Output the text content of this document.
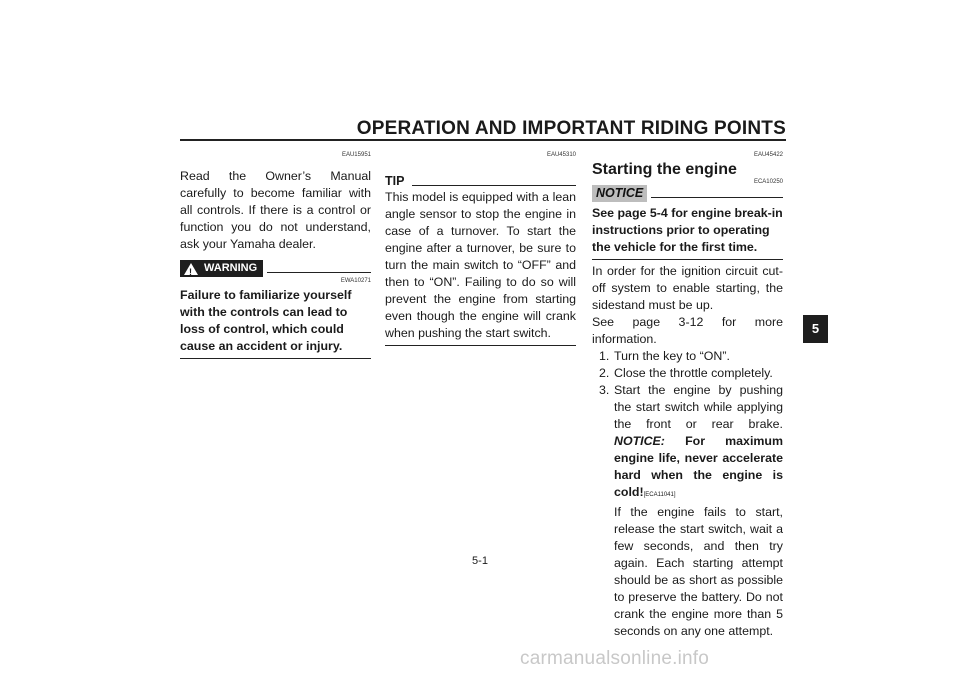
OPERATION AND IMPORTANT RIDING POINTS
EAU15951
Read the Owner’s Manual carefully to become familiar with all controls. If there is a control or function you do not understand, ask your Yamaha dealer.
! WARNING
EWA10271
Failure to familiarize yourself with the controls can lead to loss of control, which could cause an accident or injury.
EAU45310
TIP
This model is equipped with a lean angle sensor to stop the engine in case of a turnover. To start the engine after a turnover, be sure to turn the main switch to “OFF” and then to “ON”. Failing to do so will prevent the engine from starting even though the engine will crank when pushing the start switch.
EAU45422
Starting the engine
ECA10250
NOTICE
See page 5-4 for engine break-in instructions prior to operating the vehicle for the first time.
In order for the ignition circuit cut-off system to enable starting, the sidestand must be up.
See page 3-12 for more information.
1. Turn the key to “ON”.
2. Close the throttle completely.
3. Start the engine by pushing the start switch while applying the front or rear brake. NOTICE: For maximum engine life, never accelerate hard when the engine is cold![ECA11041]
If the engine fails to start, release the start switch, wait a few seconds, and then try again. Each starting attempt should be as short as possible to preserve the battery. Do not crank the engine more than 5 seconds on any one attempt.
5
5-1
carmanualsonline.info
